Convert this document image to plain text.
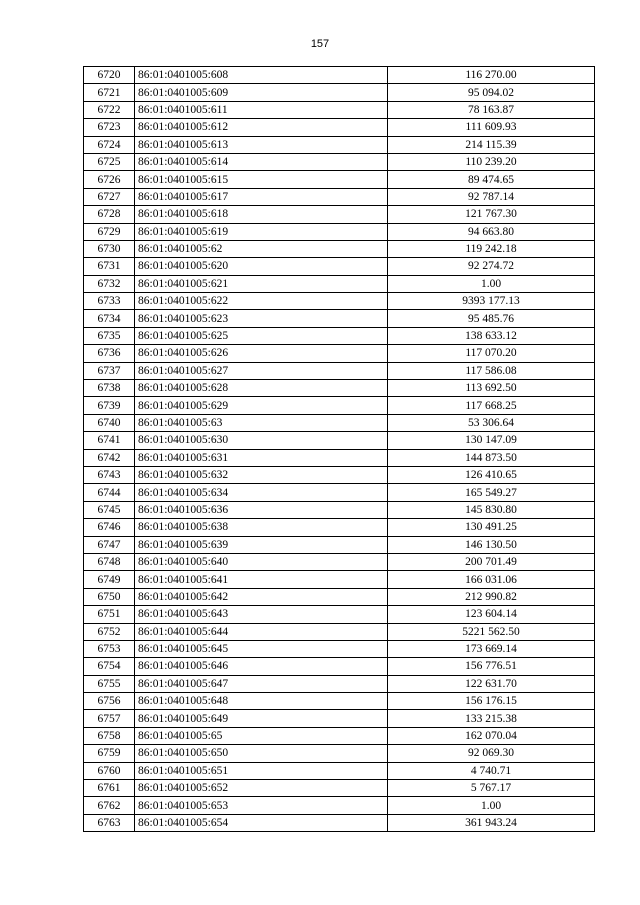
157
6720	86:01:0401005:608	116 270.00
6721	86:01:0401005:609	95 094.02
6722	86:01:0401005:611	78 163.87
6723	86:01:0401005:612	111 609.93
6724	86:01:0401005:613	214 115.39
6725	86:01:0401005:614	110 239.20
6726	86:01:0401005:615	89 474.65
6727	86:01:0401005:617	92 787.14
6728	86:01:0401005:618	121 767.30
6729	86:01:0401005:619	94 663.80
6730	86:01:0401005:62	119 242.18
6731	86:01:0401005:620	92 274.72
6732	86:01:0401005:621	1.00
6733	86:01:0401005:622	9393 177.13
6734	86:01:0401005:623	95 485.76
6735	86:01:0401005:625	138 633.12
6736	86:01:0401005:626	117 070.20
6737	86:01:0401005:627	117 586.08
6738	86:01:0401005:628	113 692.50
6739	86:01:0401005:629	117 668.25
6740	86:01:0401005:63	53 306.64
6741	86:01:0401005:630	130 147.09
6742	86:01:0401005:631	144 873.50
6743	86:01:0401005:632	126 410.65
6744	86:01:0401005:634	165 549.27
6745	86:01:0401005:636	145 830.80
6746	86:01:0401005:638	130 491.25
6747	86:01:0401005:639	146 130.50
6748	86:01:0401005:640	200 701.49
6749	86:01:0401005:641	166 031.06
6750	86:01:0401005:642	212 990.82
6751	86:01:0401005:643	123 604.14
6752	86:01:0401005:644	5221 562.50
6753	86:01:0401005:645	173 669.14
6754	86:01:0401005:646	156 776.51
6755	86:01:0401005:647	122 631.70
6756	86:01:0401005:648	156 176.15
6757	86:01:0401005:649	133 215.38
6758	86:01:0401005:65	162 070.04
6759	86:01:0401005:650	92 069.30
6760	86:01:0401005:651	4 740.71
6761	86:01:0401005:652	5 767.17
6762	86:01:0401005:653	1.00
6763	86:01:0401005:654	361 943.24
